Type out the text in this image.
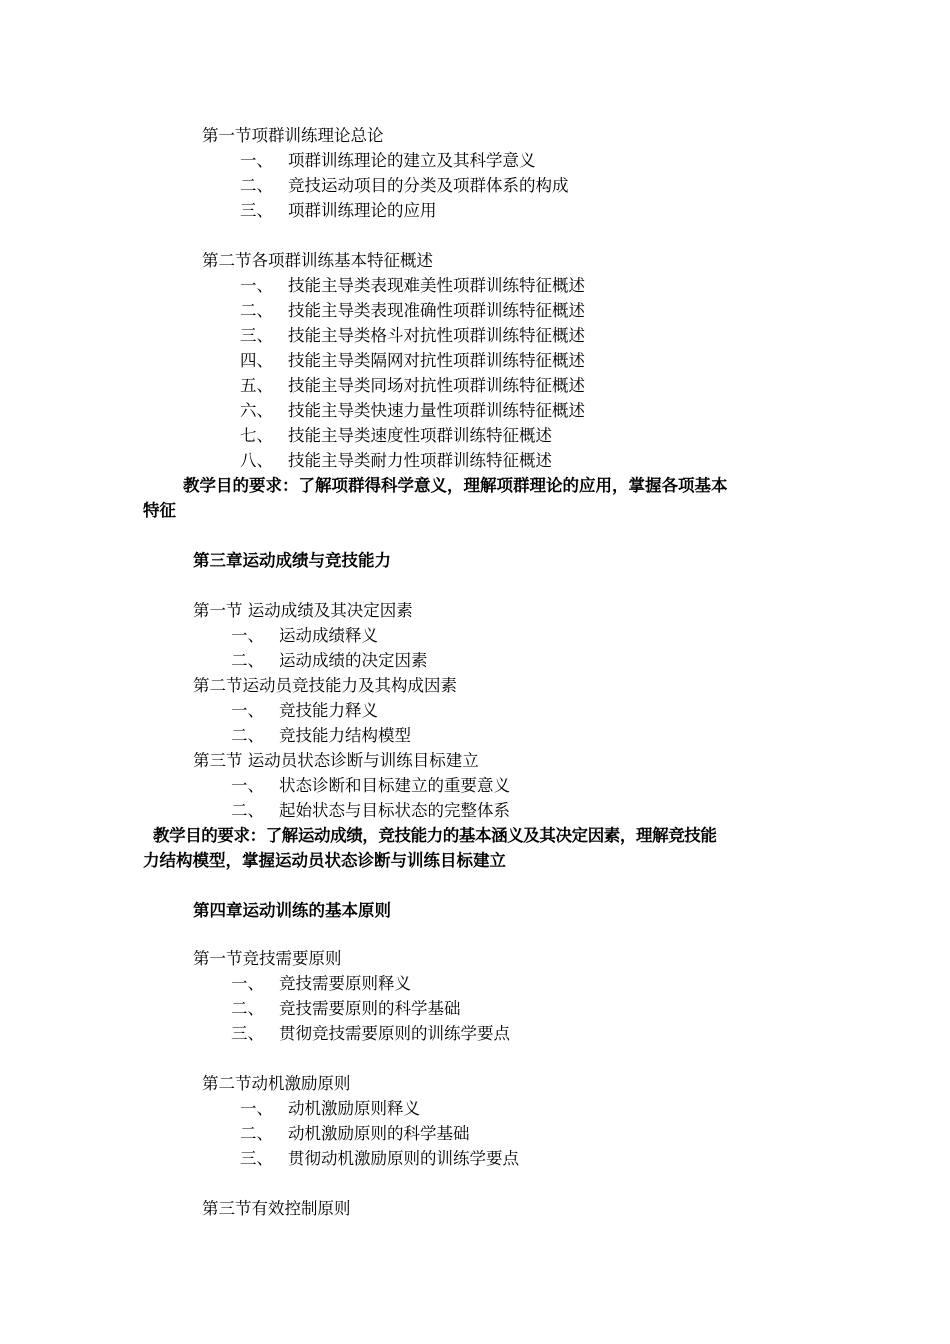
第一节项群训练理论总论
一、 项群训练理论的建立及其科学意义
二、 竞技运动项目的分类及项群体系的构成
三、 项群训练理论的应用
第二节各项群训练基本特征概述
一、 技能主导类表现难美性项群训练特征概述
二、 技能主导类表现准确性项群训练特征概述
三、 技能主导类格斗对抗性项群训练特征概述
四、 技能主导类隔网对抗性项群训练特征概述
五、 技能主导类同场对抗性项群训练特征概述
六、 技能主导类快速力量性项群训练特征概述
七、 技能主导类速度性项群训练特征概述
八、 技能主导类耐力性项群训练特征概述
教学目的要求：了解项群得科学意义，理解项群理论的应用，掌握各项基本
特征
第三章运动成绩与竞技能力
第一节 运动成绩及其决定因素
一、 运动成绩释义
二、 运动成绩的决定因素
第二节运动员竞技能力及其构成因素
一、 竞技能力释义
二、 竞技能力结构模型
第三节 运动员状态诊断与训练目标建立
一、 状态诊断和目标建立的重要意义
二、 起始状态与目标状态的完整体系
教学目的要求：了解运动成绩，竞技能力的基本涵义及其决定因素，理解竞技能
力结构模型，掌握运动员状态诊断与训练目标建立
第四章运动训练的基本原则
第一节竞技需要原则
一、 竞技需要原则释义
二、 竞技需要原则的科学基础
三、 贯彻竞技需要原则的训练学要点
第二节动机激励原则
一、 动机激励原则释义
二、 动机激励原则的科学基础
三、 贯彻动机激励原则的训练学要点
第三节有效控制原则
